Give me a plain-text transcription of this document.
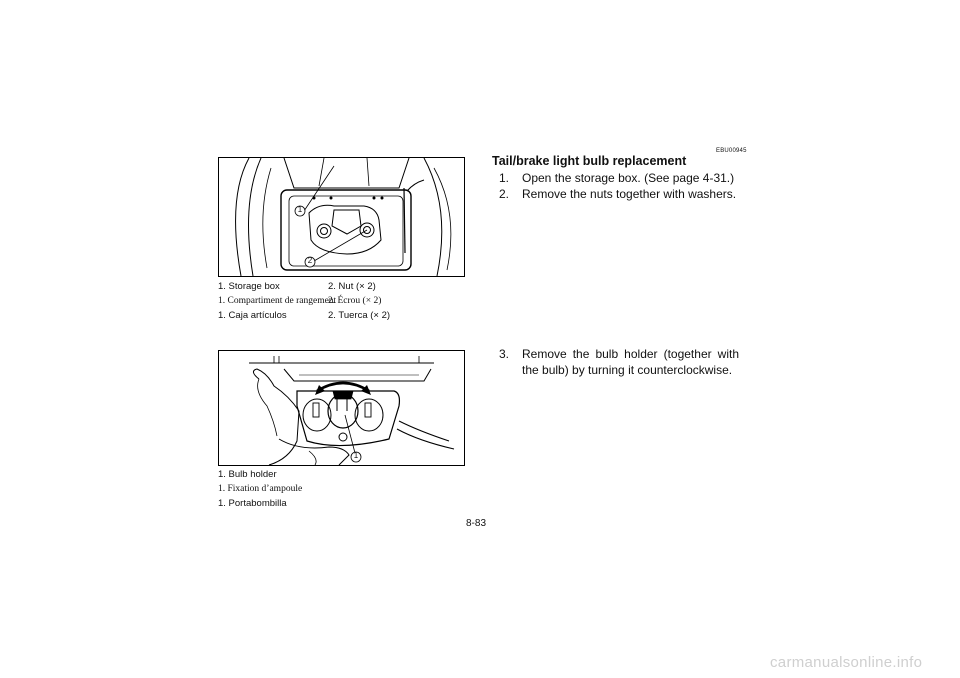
1
2
1. Storage box	2. Nut (× 2)
1. Compartiment de rangement
2. Écrou (× 2)
1. Caja artículos	2. Tuerca (× 2)
1
1. Bulb holder
1. Fixation d’ampoule
1. Portabombilla
EBU00945
Tail/brake light bulb replacement
1. Open the storage box. (See page 4-31.)
2. Remove the nuts together with washers.
3. Remove the bulb holder (together with the bulb) by turning it counterclockwise.
8-83
carmanualsonline.info
